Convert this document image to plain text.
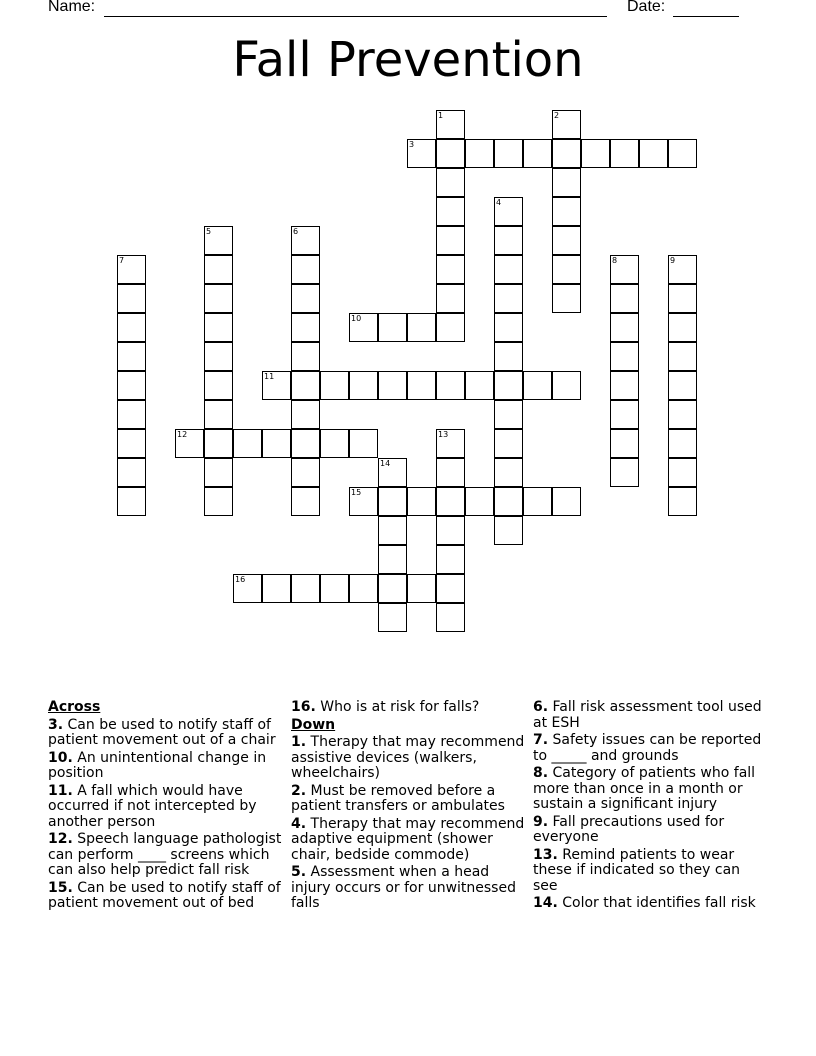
Name:	Date:
Fall Prevention
1	2
3
4
5	6
7	8	9
10
11
12	13
14
15
16
Across
3. Can be used to notify staff of patient movement out of a chair
10. An unintentional change in position
11. A fall which would have occurred if not intercepted by another person
12. Speech language pathologist can perform ____ screens which can also help predict fall risk
15. Can be used to notify staff of patient movement out of bed
16. Who is at risk for falls?
Down
1. Therapy that may recommend assistive devices (walkers, wheelchairs)
2. Must be removed before a patient transfers or ambulates
4. Therapy that may recommend adaptive equipment (shower chair, bedside commode)
5. Assessment when a head injury occurs or for unwitnessed falls
6. Fall risk assessment tool used at ESH
7. Safety issues can be reported to _____ and grounds
8. Category of patients who fall more than once in a month or sustain a significant injury
9. Fall precautions used for everyone
13. Remind patients to wear these if indicated so they can see
14. Color that identifies fall risk
